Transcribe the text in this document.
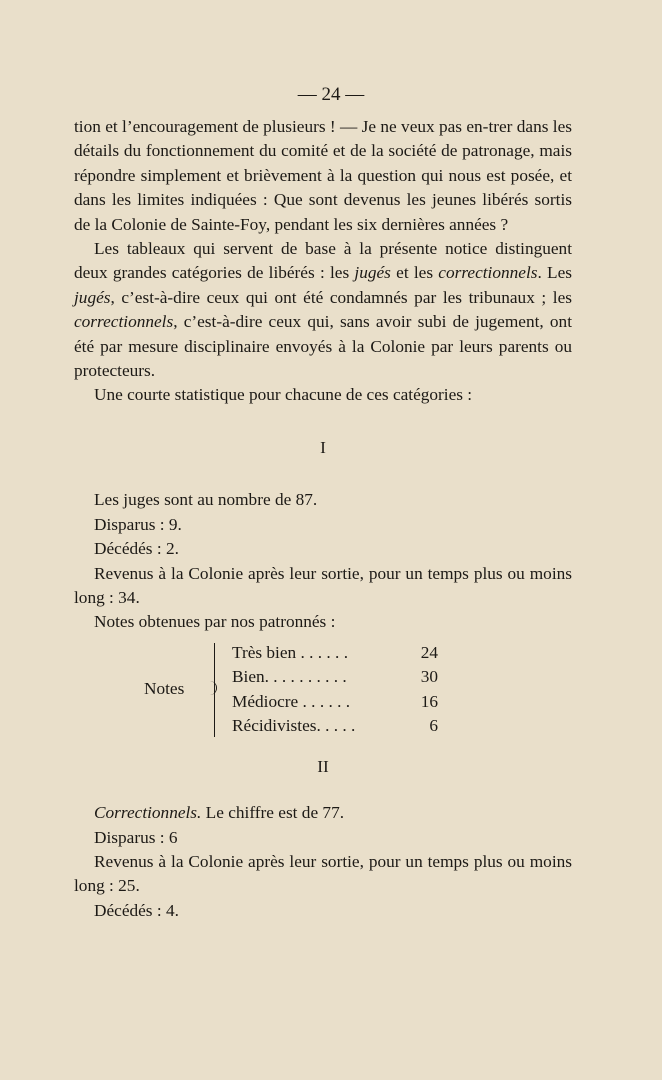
— 24 —

tion et l’encouragement de plusieurs ! — Je ne veux pas en-trer dans les détails du fonctionnement du comité et de la société de patronage, mais répondre simplement et brièvement à la question qui nous est posée, et dans les limites indiquées : Que sont devenus les jeunes libérés sortis de la Colonie de Sainte-Foy, pendant les six dernières années ?

Les tableaux qui servent de base à la présente notice distinguent deux grandes catégories de libérés : les jugés et les correctionnels. Les jugés, c’est-à-dire ceux qui ont été condamnés par les tribunaux ; les correctionnels, c’est-à-dire ceux qui, sans avoir subi de jugement, ont été par mesure disciplinaire envoyés à la Colonie par leurs parents ou protecteurs.

Une courte statistique pour chacune de ces catégories :

I

Les juges sont au nombre de 87.

Disparus : 9.

Décédés : 2.

Revenus à la Colonie après leur sortie, pour un temps plus ou moins long : 34.

Notes obtenues par nos patronnés :

Notes
Très bien . . . . . .	24
Bien. . . . . . . . . .	30
Médiocre . . . . . .	16
Récidivistes. . . . .	6

II

Correctionnels. Le chiffre est de 77.

Disparus : 6

Revenus à la Colonie après leur sortie, pour un temps plus ou moins long : 25.

Décédés : 4.
